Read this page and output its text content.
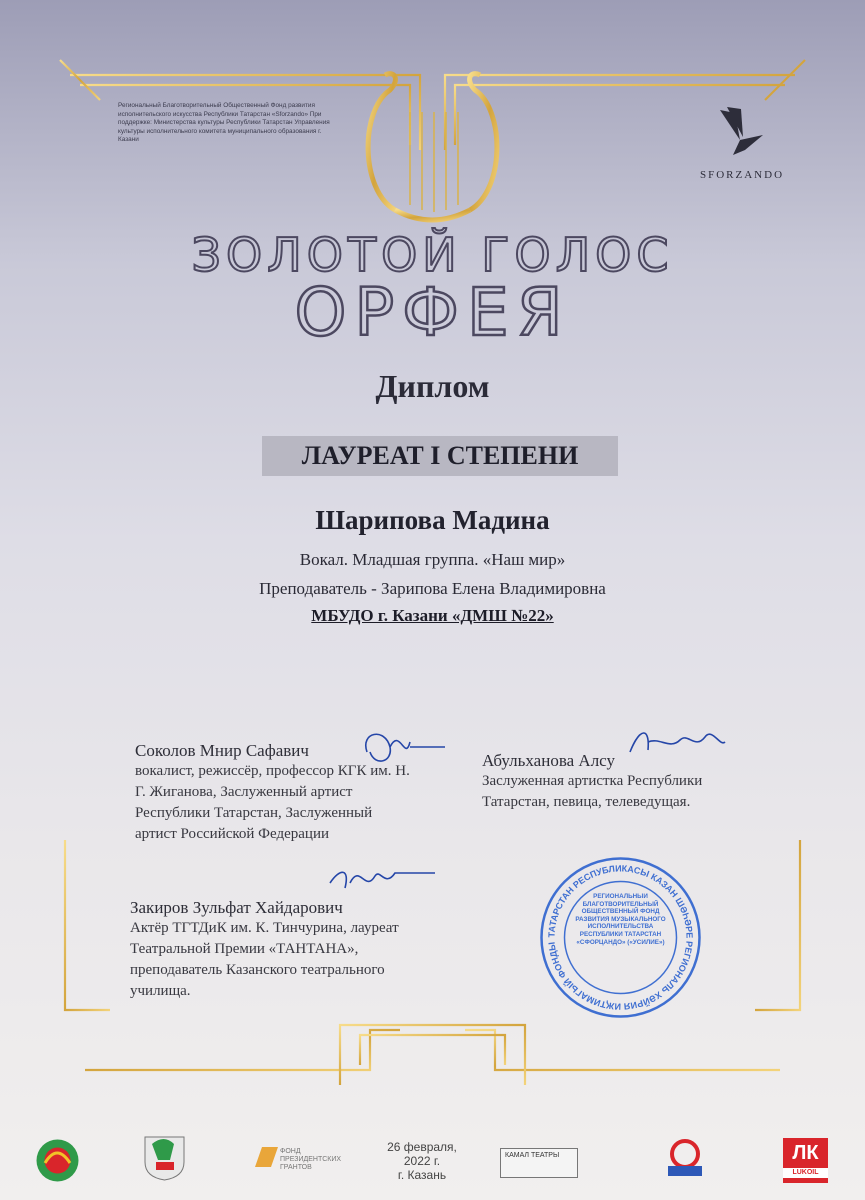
Региональный Благотворительный Общественный Фонд развития исполнительского искусства Республики Татарстан «Sforzando» При поддержке: Министерства культуры Республики Татарстан Управления культуры исполнительного комитета муниципального образования г. Казани
SFORZANDO
ЗОЛОТОЙ ГОЛОС
ОРФЕЯ
Диплом
ЛАУРЕАТ I СТЕПЕНИ
Шарипова Мадина
Вокал. Младшая группа. «Наш мир»
Преподаватель - Зарипова Елена Владимировна
МБУДО г. Казани «ДМШ №22»
Соколов Мнир Сафавич
вокалист, режиссёр, профессор КГК им. Н. Г. Жиганова, Заслуженный артист Республики Татарстан, Заслуженный артист Российской Федерации
Абульханова Алсу
Заслуженная артистка Республики Татарстан, певица, телеведущая.
Закиров Зульфат Хайдарович
Актёр ТГТДиК им. К. Тинчурина, лауреат Театральной Премии «ТАНТАНА», преподаватель Казанского театрального училища.
ТАТАРСТАН РЕСПУБЛИКАСЫ КАЗАН ШӘҺӘРЕ РЕГИОНАЛЬ ХӘЙРИЯ ИҖТИМАГЫЙ ФОНДЫ
РЕГИОНАЛЬНЫЙ БЛАГОТВОРИТЕЛЬНЫЙ ОБЩЕСТВЕННЫЙ ФОНД РАЗВИТИЯ МУЗЫКАЛЬНОГО ИСПОЛНИТЕЛЬСТВА РЕСПУБЛИКИ ТАТАРСТАН «СФОРЦАНДО» («УСИЛИЕ»)
ФОНД ПРЕЗИДЕНТСКИХ ГРАНТОВ
26 февраля,
2022 г.
г. Казань
КАМАЛ ТЕАТРЫ	ЛК
LUKOIL
